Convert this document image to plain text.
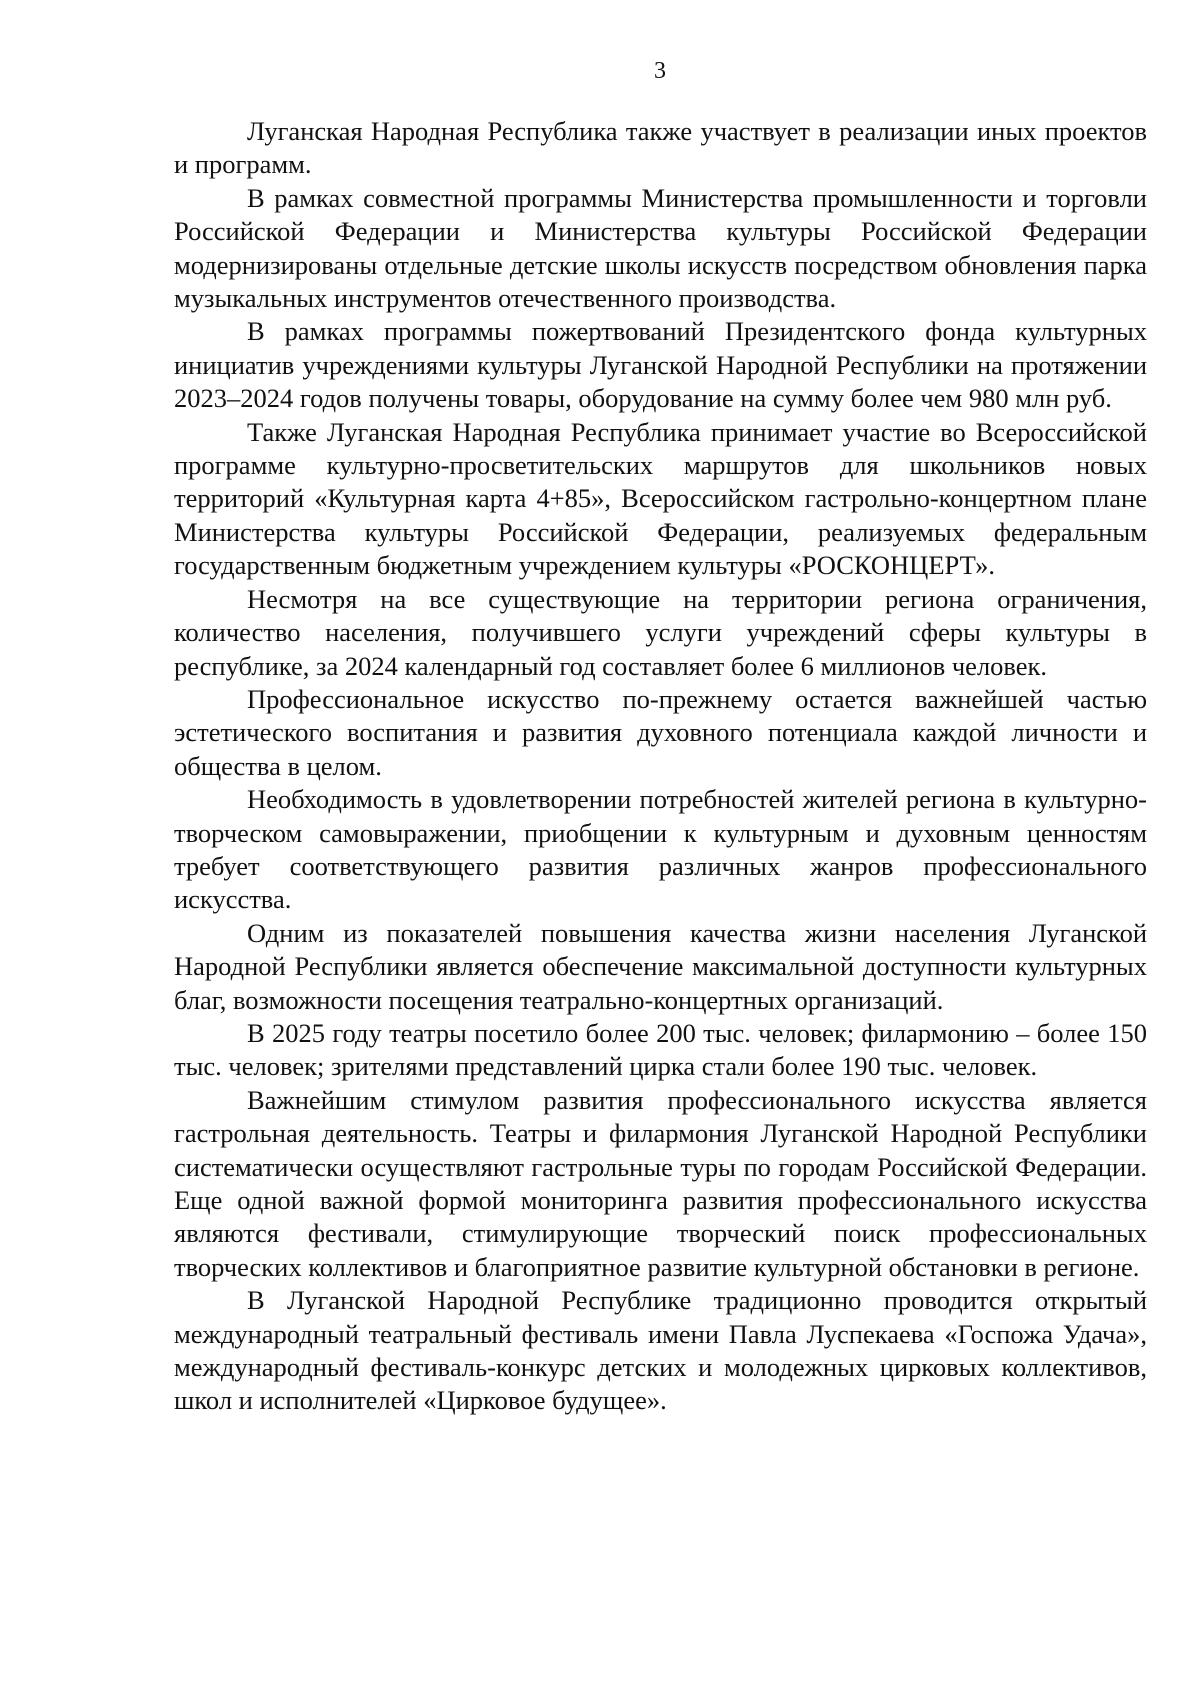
3

Луганская Народная Республика также участвует в реализации иных проектов и программ.

В рамках совместной программы Министерства промышленности и торговли Российской Федерации и Министерства культуры Российской Федерации модернизированы отдельные детские школы искусств посредством обновления парка музыкальных инструментов отечественного производства.

В рамках программы пожертвований Президентского фонда культурных инициатив учреждениями культуры Луганской Народной Республики на протяжении 2023–2024 годов получены товары, оборудование на сумму более чем 980 млн руб.

Также Луганская Народная Республика принимает участие во Всероссийской программе культурно-просветительских маршрутов для школьников новых территорий «Культурная карта 4+85», Всероссийском гастрольно-концертном плане Министерства культуры Российской Федерации, реализуемых федеральным государственным бюджетным учреждением культуры «РОСКОНЦЕРТ».

Несмотря на все существующие на территории региона ограничения, количество населения, получившего услуги учреждений сферы культуры в республике, за 2024 календарный год составляет более 6 миллионов человек.

Профессиональное искусство по-прежнему остается важнейшей частью эстетического воспитания и развития духовного потенциала каждой личности и общества в целом.

Необходимость в удовлетворении потребностей жителей региона в культурно-творческом самовыражении, приобщении к культурным и духовным ценностям требует соответствующего развития различных жанров профессионального искусства.

Одним из показателей повышения качества жизни населения Луганской Народной Республики является обеспечение максимальной доступности культурных благ, возможности посещения театрально-концертных организаций.

В 2025 году театры посетило более 200 тыс. человек; филармонию – более 150 тыс. человек; зрителями представлений цирка стали более 190 тыс. человек.

Важнейшим стимулом развития профессионального искусства является гастрольная деятельность. Театры и филармония Луганской Народной Республики систематически осуществляют гастрольные туры по городам Российской Федерации. Еще одной важной формой мониторинга развития профессионального искусства являются фестивали, стимулирующие творческий поиск профессиональных творческих коллективов и благоприятное развитие культурной обстановки в регионе.

В Луганской Народной Республике традиционно проводится открытый международный театральный фестиваль имени Павла Луспекаева «Госпожа Удача», международный фестиваль-конкурс детских и молодежных цирковых коллективов, школ и исполнителей «Цирковое будущее».
